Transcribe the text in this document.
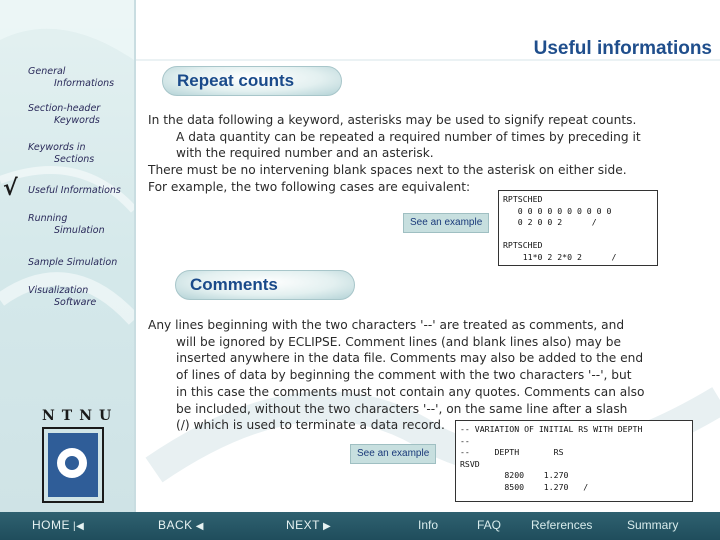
General
Informations
Section-header
Keywords
Keywords in
Sections
√ Useful Informations
Running
Simulation
Sample Simulation
Visualization
Software
N T N U
Useful informations
Repeat counts
In the data following a keyword, asterisks may be used to signify repeat counts.
A data quantity can be repeated a required number of times by preceding it
with the required number and an asterisk.
There must be no intervening blank spaces next to the asterisk on either side.
For example, the two following cases are equivalent:
See an example
RPTSCHED
0 0 0 0 0 0 0 0 0 0
0 2 0 0 2      /

RPTSCHED
11*0 2 2*0 2      /
Comments
Any lines beginning with the two characters '--' are treated as comments, and
will be ignored by ECLIPSE. Comment lines (and blank lines also) may be
inserted anywhere in the data file. Comments may also be added to the end
of lines of data by beginning the comment with the two characters '--', but
in this case the comments must not contain any quotes. Comments can also
be included, without the two characters '--', on the same line after a slash
(/) which is used to terminate a data record.
See an example
-- VARIATION OF INITIAL RS WITH DEPTH
--
--     DEPTH       RS
RSVD
8200    1.270
8500    1.270   /
HOME |◀	BACK ◀	NEXT ▶	Info	FAQ References	Summary
